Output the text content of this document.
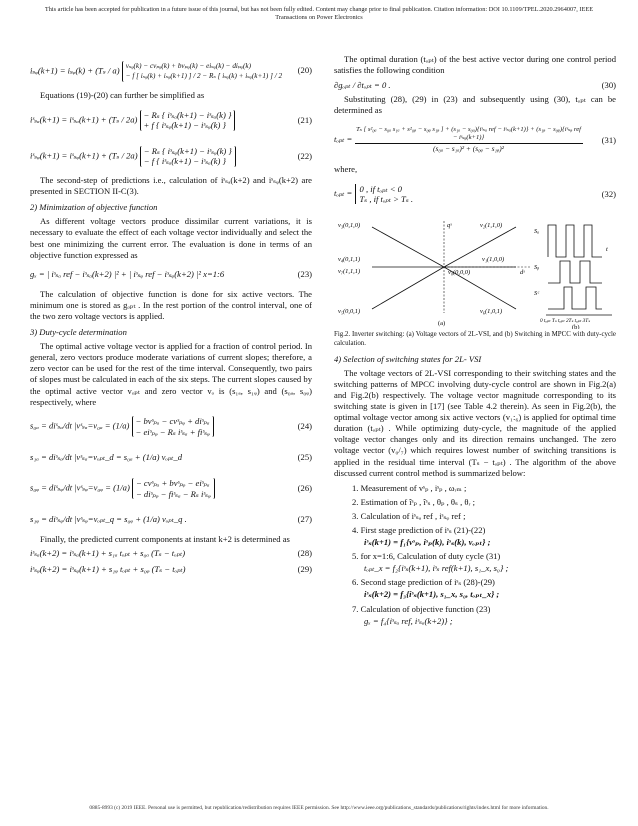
This article has been accepted for publication in a future issue of this journal, but has not been fully edited. Content may change prior to final publication. Citation information: DOI 10.1109/TPEL.2020.2964007, IEEE
Transactions on Power Electronics
iₛᵩ(k+1) = iₛᵩ(k) + (Tₛ / a) vₛᵩ(k) − cvₚᵩ(k) + bvₚᵩ(k) − eiₛᵩ(k) − diₚᵩ(k)
− f [ iₛᵩ(k) + iₛᵩ(k+1) ] / 2 − Rₛ [ iₛᵩ(k) + iₛᵩ(k+1) ] / 2
(20)

Equations (19)-(20) can further be simplified as

iˢₛₐ(k+1) = iˢₛₐ(k+1) + (Tₛ / 2a) − Rₛ { iˢₛₐ(k+1) − iˢₛₐ(k) }
+ f { iˢₛᵩ(k+1) − iˢₛᵩ(k) }
(21)
iˢₛᵩ(k+1) = iˢₛᵩ(k+1) + (Tₛ / 2a) − Rₛ { iˢₛᵩ(k+1) − iˢₛᵩ(k) }
− f { iˢₛₐ(k+1) − iˢₛₐ(k) }
(22)

The second-step of predictions i.e., calculation of iˢₛₐ(k+2) and iˢₛᵩ(k+2) are presented in SECTION II-C(3).

2) Minimization of objective function

As different voltage vectors produce dissimilar current variations, it is necessary to evaluate the effect of each voltage vector individually and select the best one minimizing the current error. The evaluation is done in terms of an objective function expressed as

gₓ = | iˢₛₐ ref − iˢₛₐ(k+2) |² + | iˢₛᵩ ref − iˢₛᵩ(k+2) |² x=1:6	(23)

The calculation of objective function is done for six active vectors. The minimum one is stored as gₒₚₜ . In the rest portion of the control interval, one of the two zero voltage vectors is applied.

3) Duty-cycle determination

The optimal active voltage vector is applied for a fraction of control period. In general, zero vectors produce moderate variations of current slopes; therefore, a zero vector can be used for the rest of the time interval. Consequently, two pairs of slopes must be calculated in each of the six steps. The current slopes caused by the optimal active vector vₒₚₜ and zero vector vₒ is (s₁ₐ, s₁ᵩ) and (s₀ₐ, s₀ᵩ) respectively, where

s₀ₐ = diˢₛₐ/dt |vˢₛₐ=v₀ₐ = (1/a) − bvˢₚₐ − cvˢₚᵩ + diˢₚₐ
− eiˢₚᵩ − Rₛ iˢₛₐ + fiˢₛᵩ
(24)
s₁ₐ = diˢₛₐ/dt |vˢₛₐ=vₒₚₜ_d = s₀ₐ + (1/a) vₒₚₜ_d	(25)
s₀ᵩ = diˢₛᵩ/dt |vˢₛᵩ=v₀ᵩ = (1/a) − cvˢₚₐ + bvˢₚᵩ − eiˢₚₐ
− diˢₚᵩ − fiˢₛₐ − Rₛ iˢₛᵩ
(26)
s₁ᵩ = diˢₛᵩ/dt |vˢₛᵩ=vₒₚₜ_q = s₀ᵩ + (1/a) vₒₚₜ_q .	(27)

Finally, the predicted current components at instant k+2 is determined as

iˢₛₐ(k+2) = iˢₛₐ(k+1) + s₁ₐ tₒₚₜ + s₀ₐ (Tₛ − tₒₚₜ)	(28)
iˢₛᵩ(k+2) = iˢₛᵩ(k+1) + s₁ᵩ tₒₚₜ + s₀ᵩ (Tₛ − tₒₚₜ)	(29)

The optimal duration (tₒₚₜ) of the best active vector during one control period satisfies the following condition

∂gₒₚₜ / ∂tₒₚₜ = 0 .	(30)

Substituting (28), (29) in (23) and subsequently using (30), tₒₚₜ can be determined as

tₒₚₜ =
Tₛ [ s²₀ₐ − s₀ₐ s₁ₐ + s²₀ᵩ − s₀ᵩ s₁ᵩ ] + (s₁ₐ − s₀ₐ){iˢₛₐ ref − iˢₛₐ(k+1)} + (s₁ᵩ − s₀ᵩ){iˢₛᵩ ref − iˢₛᵩ(k+1)}
(s₀ₐ − s₁ₐ)² + (s₀ᵩ − s₁ᵩ)²
(31)

where,

tₒₚₜ = 0 , if tₒₚₜ < 0
Tₛ , if tₒₚₜ > Tₛ .
(32)
v₃(0,1,0)	qˢ	v₂(1,1,0)
v₄(0,1,1)	v₁(1,0,0)
v₇(1,1,1)	v₀(0,0,0)	dˢ
v₅(0,0,1)	v₆(1,0,1)
(a)
Sₐ
Sᵦ
Sᶜ
t
0 tₒₚₜ Tₛ tₒₚₜ 2Tₛ tₒₚₜ 3Tₛ
(b)
Fig.2. Inverter switching: (a) Voltage vectors of 2L-VSI, and (b) Switching in MPCC with duty-cycle calculation.
4) Selection of switching states for 2L- VSI

The voltage vectors of 2L-VSI corresponding to their switching states and the switching patterns of MPCC involving duty-cycle control are shown in Fig.2(a) and Fig.2(b) respectively. The voltage vector magnitude corresponding to its switching state is given in [17] (see Table 4.2 therein). As seen in Fig.2(b), the optimal voltage vector among six active vectors (v₁:₆) is applied for optimal time duration (tₒₚₜ) . While optimizing duty-cycle, the magnitude of the applied voltage vector changes only and its direction remains unchanged. The zero voltage vector (v₀/₇) which requires lowest number of switching transitions is applied in the residual time interval (Tₛ − tₒₚₜ) . The algorithm of the above discussed current control method is summarized below:

1. Measurement of vˢₚ , iˢₚ , ωᵣₘ ;
2. Estimation of îˢₚ , îˢₛ , θₚ , θₛ , θᵣ ;
3. Calculation of iˢₛₐ ref , iˢₛᵩ ref ;
4. First stage prediction of iˢₛ (21)-(22)
iˢₛ(k+1) = f₁{vˢₚ, iˢₚ(k), iˢₛ(k), vₒₚₜ} ;
5. for x=1:6, Calculation of duty cycle (31)
tₒₚₜ_x = f₂{iˢₛ(k+1), iˢₛ ref(k+1), s₁_x, s₀} ;
6. Second stage prediction of iˢₛ (28)-(29)
iˢₛ(k+2) = f₃{iˢₛ(k+1), s₁_x, s₀, tₒₚₜ_x} ;
7. Calculation of objective function (23)
gₓ = f₄{iˢₛₐ ref, iˢₛₐ(k+2)} ;
0885-8993 (c) 2019 IEEE. Personal use is permitted, but republication/redistribution requires IEEE permission. See http://www.ieee.org/publications_standards/publications/rights/index.html for more information.
